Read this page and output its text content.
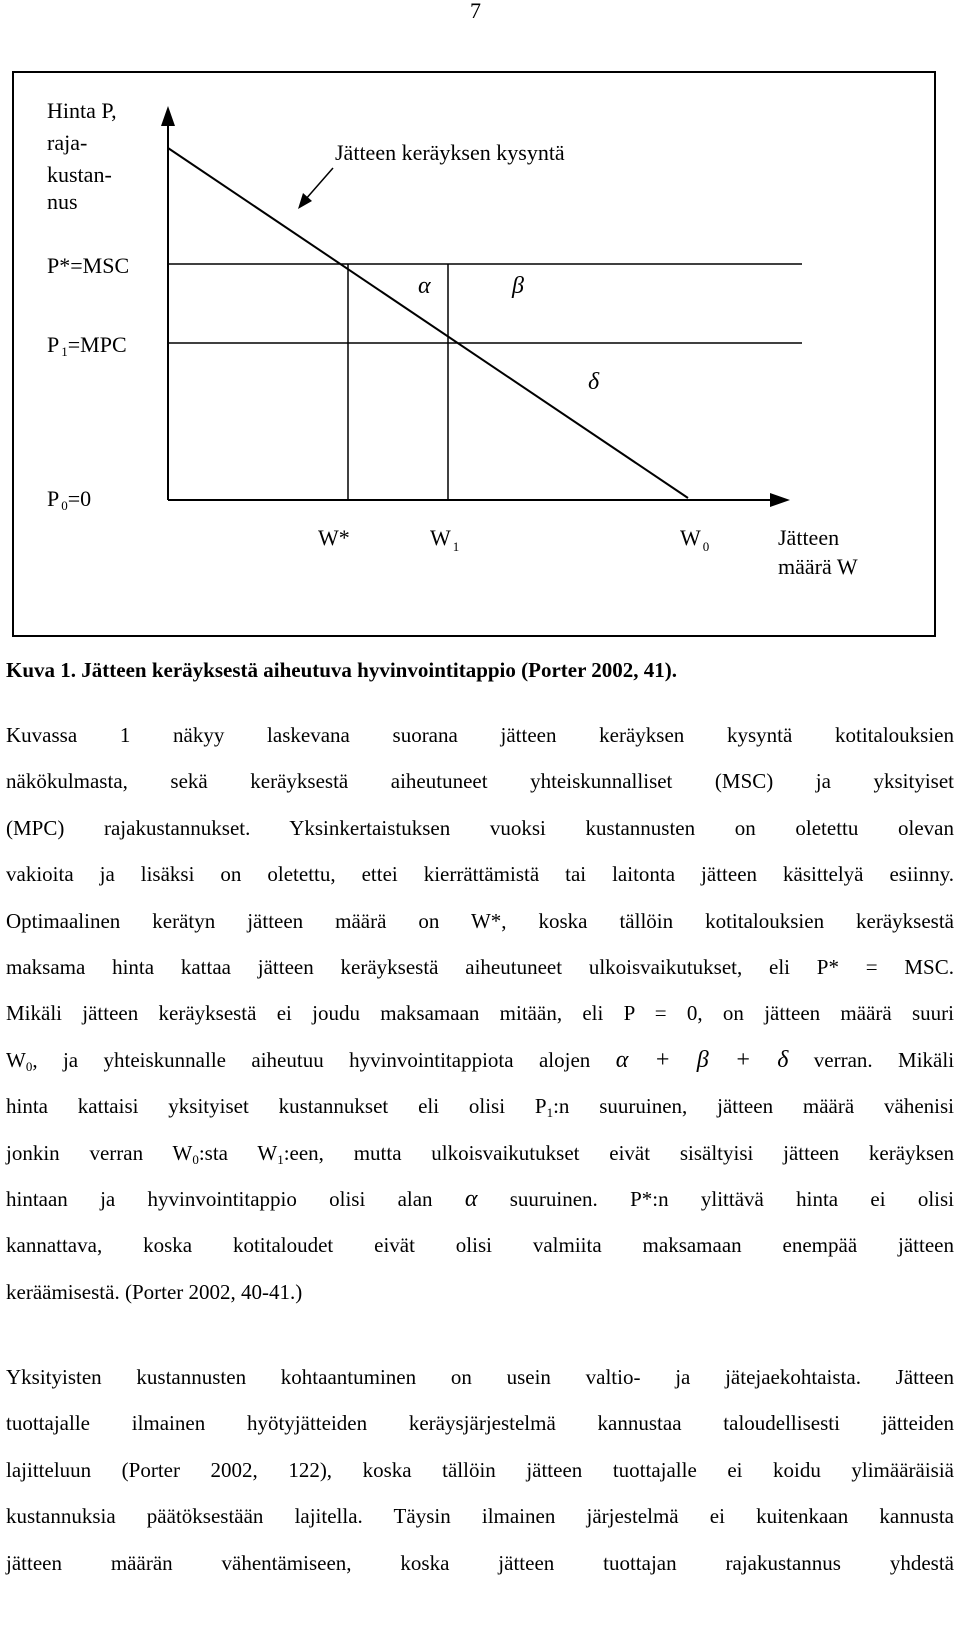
7
Hinta P,
raja-
kustan-
nus
Jätteen keräyksen kysyntä
P*=MSC
P 1=MPC
P 0=0
α	β
δ
W*	W $_1$	W $_0$	Jätteen
määrä W
Kuva 1. Jätteen keräyksestä aiheutuva hyvinvointitappio (Porter 2002, 41).
Kuvassa 1 näkyy laskevana suorana jätteen keräyksen kysyntä kotitalouksien
näkökulmasta, sekä keräyksestä aiheutuneet yhteiskunnalliset (MSC) ja yksityiset
(MPC) rajakustannukset. Yksinkertaistuksen vuoksi kustannusten on oletettu olevan
vakioita ja lisäksi on oletettu, ettei kierrättämistä tai laitonta jätteen käsittelyä esiinny.
Optimaalinen kerätyn jätteen määrä on W*, koska tällöin kotitalouksien keräyksestä
maksama hinta kattaa jätteen keräyksestä aiheutuneet ulkoisvaikutukset, eli P* = MSC.
Mikäli jätteen keräyksestä ei joudu maksamaan mitään, eli P = 0, on jätteen määrä suuri
W0, ja yhteiskunnalle aiheutuu hyvinvointitappiota alojen α + β + δ verran. Mikäli
hinta kattaisi yksityiset kustannukset eli olisi P1:n suuruinen, jätteen määrä vähenisi
jonkin verran W0:sta W1:een, mutta ulkoisvaikutukset eivät sisältyisi jätteen keräyksen
hintaan ja hyvinvointitappio olisi alan α suuruinen. P*:n ylittävä hinta ei olisi
kannattava, koska kotitaloudet eivät olisi valmiita maksamaan enempää jätteen
keräämisestä. (Porter 2002, 40-41.)
Yksityisten kustannusten kohtaantuminen on usein valtio- ja jätejaekohtaista. Jätteen
tuottajalle ilmainen hyötyjätteiden keräysjärjestelmä kannustaa taloudellisesti jätteiden
lajitteluun (Porter 2002, 122), koska tällöin jätteen tuottajalle ei koidu ylimääräisiä
kustannuksia päätöksestään lajitella. Täysin ilmainen järjestelmä ei kuitenkaan kannusta
jätteen määrän vähentämiseen, koska jätteen tuottajan rajakustannus yhdestä
